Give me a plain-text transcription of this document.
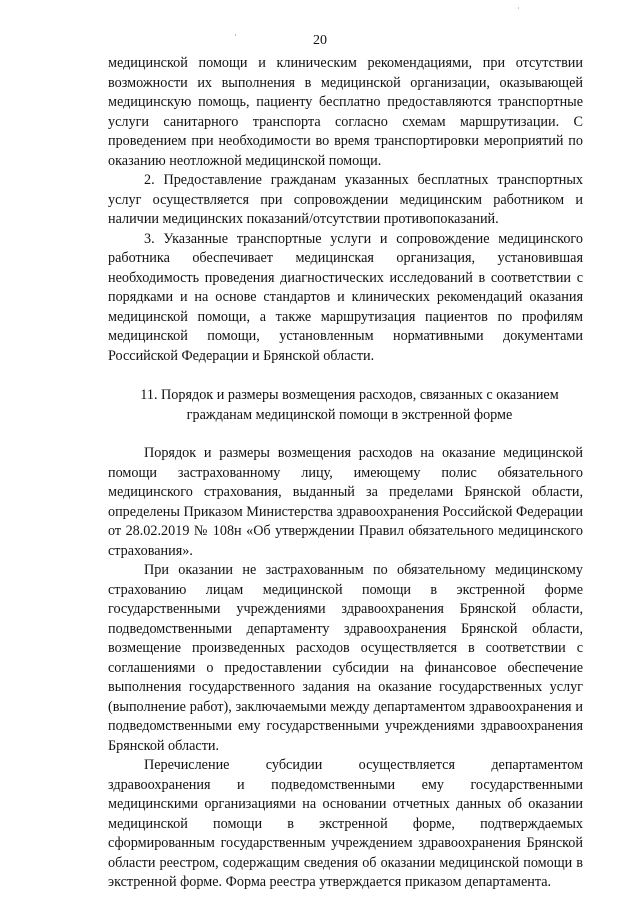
20
·
˙

медицинской помощи и клиническим рекомендациями, при отсутствии возможности их выполнения в медицинской организации, оказывающей медицинскую помощь, пациенту бесплатно предоставляются транспортные услуги санитарного транспорта согласно схемам маршрутизации. С проведением при необходимости во время транспортировки мероприятий по оказанию неотложной медицинской помощи.

2. Предоставление гражданам указанных бесплатных транспортных услуг осуществляется при сопровождении медицинским работником и наличии медицинских показаний/отсутствии противопоказаний.

3. Указанные транспортные услуги и сопровождение медицинского работника обеспечивает медицинская организация, установившая необходимость проведения диагностических исследований в соответствии с порядками и на основе стандартов и клинических рекомендаций оказания медицинской помощи, а также маршрутизация пациентов по профилям медицинской помощи, установленным нормативными документами Российской Федерации и Брянской области.

11. Порядок и размеры возмещения расходов, связанных с оказанием гражданам медицинской помощи в экстренной форме

Порядок и размеры возмещения расходов на оказание медицинской помощи застрахованному лицу, имеющему полис обязательного медицинского страхования, выданный за пределами Брянской области, определены Приказом Министерства здравоохранения Российской Федерации от 28.02.2019 № 108н «Об утверждении Правил обязательного медицинского страхования».

При оказании не застрахованным по обязательному медицинскому страхованию лицам медицинской помощи в экстренной форме государственными учреждениями здравоохранения Брянской области, подведомственными департаменту здравоохранения Брянской области, возмещение произведенных расходов осуществляется в соответствии с соглашениями о предоставлении субсидии на финансовое обеспечение выполнения государственного задания на оказание государственных услуг (выполнение работ), заключаемыми между департаментом здравоохранения и подведомственными ему государственными учреждениями здравоохранения Брянской области.

Перечисление субсидии осуществляется департаментом здравоохранения и подведомственными ему государственными медицинскими организациями на основании отчетных данных об оказании медицинской помощи в экстренной форме, подтверждаемых сформированным государственным учреждением здравоохранения Брянской области реестром, содержащим сведения об оказании медицинской помощи в экстренной форме. Форма реестра утверждается приказом департамента.
